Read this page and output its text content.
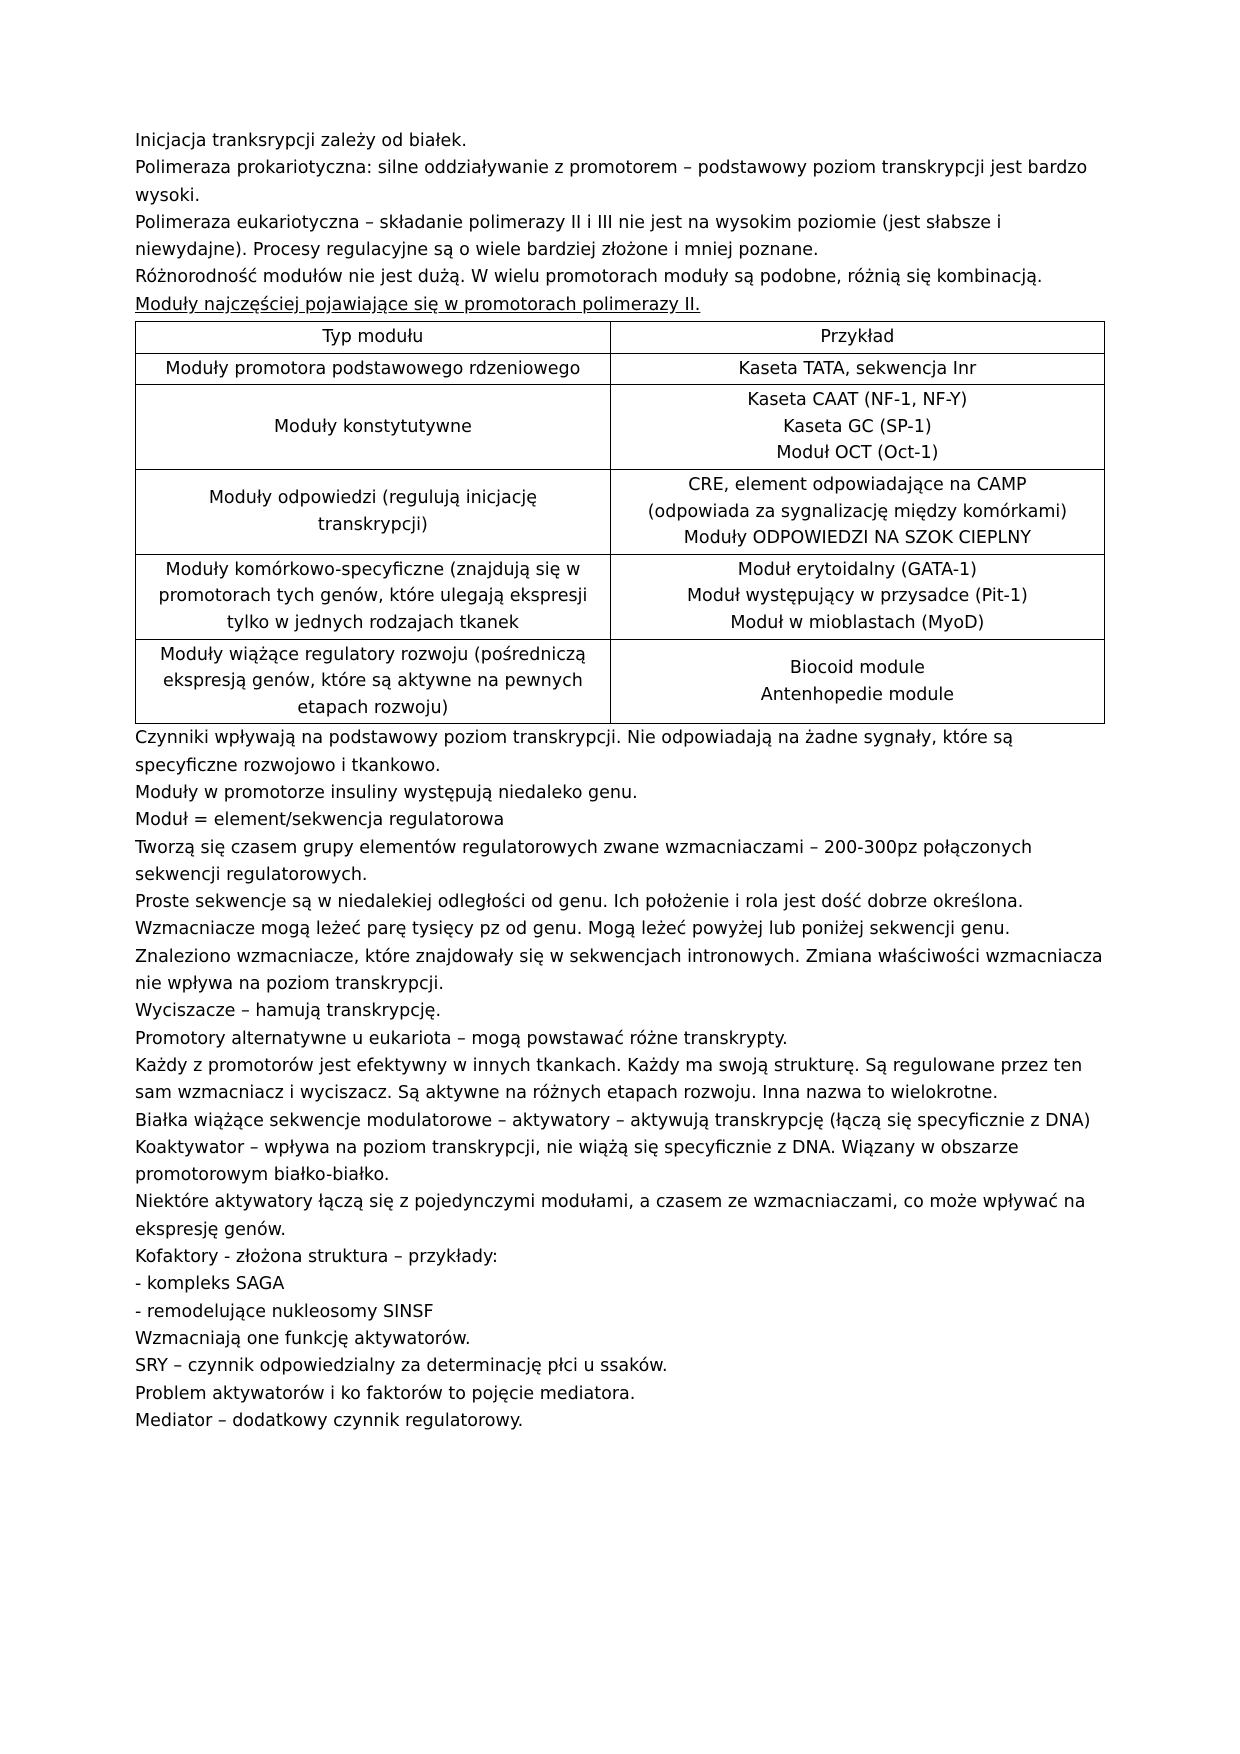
Inicjacja tranksrypcji zależy od białek.

Polimeraza prokariotyczna: silne oddziaływanie z promotorem – podstawowy poziom transkrypcji jest bardzo wysoki.

Polimeraza eukariotyczna – składanie polimerazy II i III nie jest na wysokim poziomie (jest słabsze i niewydajne). Procesy regulacyjne są o wiele bardziej złożone i mniej poznane.

Różnorodność modułów nie jest dużą. W wielu promotorach moduły są podobne, różnią się kombinacją.

Moduły najczęściej pojawiające się w promotorach polimerazy II.

Typ modułu	Przykład

Moduły promotora podstawowego rdzeniowego	Kaseta TATA, sekwencja Inr

Moduły konstytutywne	Kaseta CAAT (NF-1, NF-Y)
Kaseta GC (SP-1)
Moduł OCT (Oct-1)

Moduły odpowiedzi (regulują inicjację
transkrypcji)	CRE, element odpowiadające na CAMP
(odpowiada za sygnalizację między komórkami)
Moduły ODPOWIEDZI NA SZOK CIEPLNY

Moduły komórkowo-specyficzne (znajdują się w
promotorach tych genów, które ulegają ekspresji
tylko w jednych rodzajach tkanek	Moduł erytoidalny (GATA-1)
Moduł występujący w przysadce (Pit-1)
Moduł w mioblastach (MyoD)

Moduły wiążące regulatory rozwoju (pośredniczą
ekspresją genów, które są aktywne na pewnych
etapach rozwoju)	Biocoid module
Antenhopedie module

Czynniki wpływają na podstawowy poziom transkrypcji. Nie odpowiadają na żadne sygnały, które są specyficzne rozwojowo i tkankowo.

Moduły w promotorze insuliny występują niedaleko genu.

Moduł = element/sekwencja regulatorowa

Tworzą się czasem grupy elementów regulatorowych zwane wzmacniaczami – 200-300pz połączonych sekwencji regulatorowych.

Proste sekwencje są w niedalekiej odległości od genu. Ich położenie i rola jest dość dobrze określona.

Wzmacniacze mogą leżeć parę tysięcy pz od genu. Mogą leżeć powyżej lub poniżej sekwencji genu.

Znaleziono wzmacniacze, które znajdowały się w sekwencjach intronowych. Zmiana właściwości wzmacniacza nie wpływa na poziom transkrypcji.

Wyciszacze – hamują transkrypcję.

Promotory alternatywne u eukariota – mogą powstawać różne transkrypty.

Każdy z promotorów jest efektywny w innych tkankach. Każdy ma swoją strukturę. Są regulowane przez ten sam wzmacniacz i wyciszacz. Są aktywne na różnych etapach rozwoju. Inna nazwa to wielokrotne.

Białka wiążące sekwencje modulatorowe – aktywatory – aktywują transkrypcję (łączą się specyficznie z DNA)

Koaktywator – wpływa na poziom transkrypcji, nie wiążą się specyficznie z DNA. Wiązany w obszarze promotorowym białko-białko.

Niektóre aktywatory łączą się z pojedynczymi modułami, a czasem ze wzmacniaczami, co może wpływać na ekspresję genów.

Kofaktory - złożona struktura – przykłady:

- kompleks SAGA

- remodelujące nukleosomy SINSF

Wzmacniają one funkcję aktywatorów.

SRY – czynnik odpowiedzialny za determinację płci u ssaków.

Problem aktywatorów i ko faktorów to pojęcie mediatora.

Mediator – dodatkowy czynnik regulatorowy.
